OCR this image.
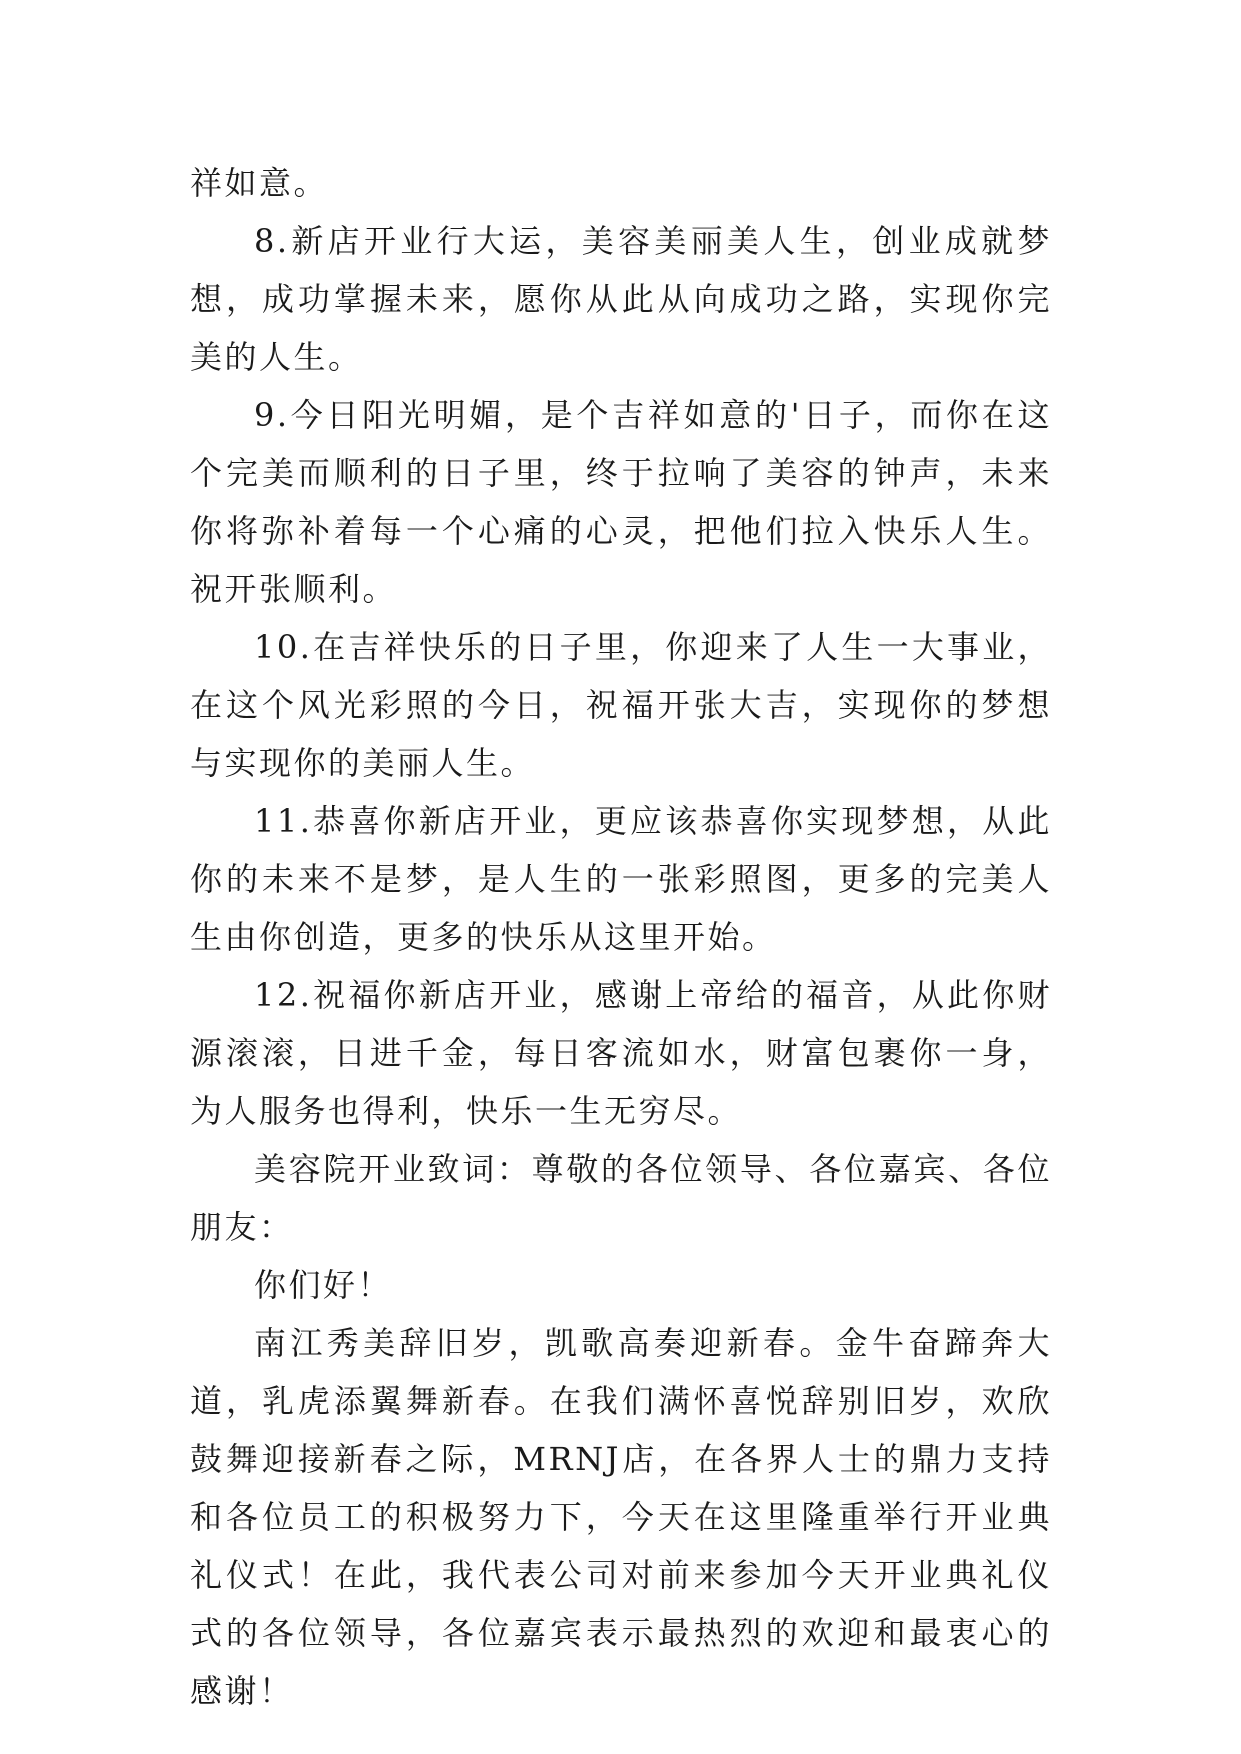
祥如意。

8.新店开业行大运，美容美丽美人生，创业成就梦想，成功掌握未来，愿你从此从向成功之路，实现你完美的人生。

9.今日阳光明媚，是个吉祥如意的'日子，而你在这个完美而顺利的日子里，终于拉响了美容的钟声，未来你将弥补着每一个心痛的心灵，把他们拉入快乐人生。祝开张顺利。

10.在吉祥快乐的日子里，你迎来了人生一大事业，在这个风光彩照的今日，祝福开张大吉，实现你的梦想与实现你的美丽人生。

11.恭喜你新店开业，更应该恭喜你实现梦想，从此你的未来不是梦，是人生的一张彩照图，更多的完美人生由你创造，更多的快乐从这里开始。

12.祝福你新店开业，感谢上帝给的福音，从此你财源滚滚，日进千金，每日客流如水，财富包裹你一身，为人服务也得利，快乐一生无穷尽。

美容院开业致词：尊敬的各位领导、各位嘉宾、各位朋友：

你们好！

南江秀美辞旧岁，凯歌高奏迎新春。金牛奋蹄奔大道，乳虎添翼舞新春。在我们满怀喜悦辞别旧岁，欢欣鼓舞迎接新春之际，MRNJ店，在各界人士的鼎力支持和各位员工的积极努力下，今天在这里隆重举行开业典礼仪式！在此，我代表公司对前来参加今天开业典礼仪式的各位领导，各位嘉宾表示最热烈的欢迎和最衷心的感谢！
